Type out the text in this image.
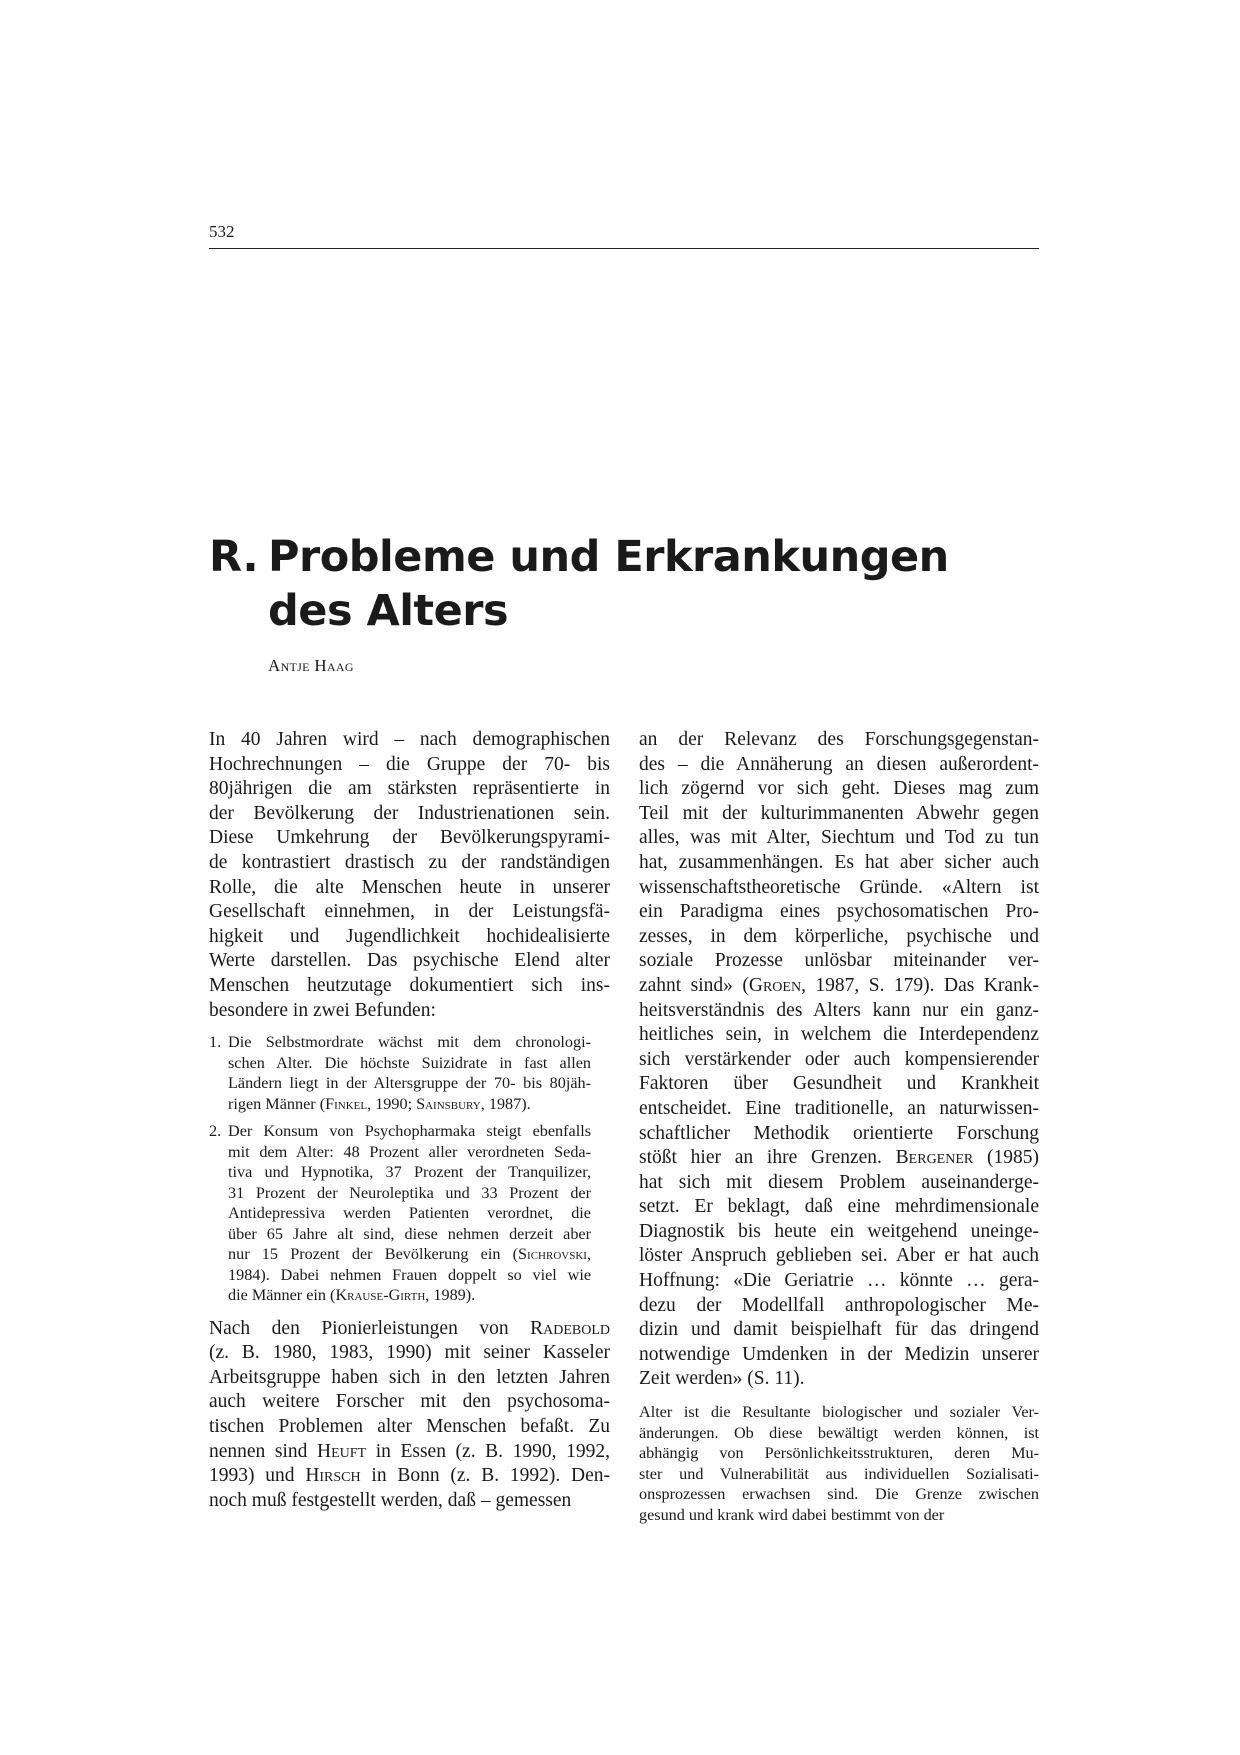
532
R. Probleme und Erkrankungen
des Alters
Antje Haag

In 40 Jahren wird – nach demographischen
Hochrechnungen – die Gruppe der 70- bis
80jährigen die am stärksten repräsentierte in
der Bevölkerung der Industrienationen sein.
Diese Umkehrung der Bevölkerungspyrami-
de kontrastiert drastisch zu der randständigen
Rolle, die alte Menschen heute in unserer
Gesellschaft einnehmen, in der Leistungsfä-
higkeit und Jugendlichkeit hochidealisierte
Werte darstellen. Das psychische Elend alter
Menschen heutzutage dokumentiert sich ins-
besondere in zwei Befunden:

1. Die Selbstmordrate wächst mit dem chronologi-
schen Alter. Die höchste Suizidrate in fast allen
Ländern liegt in der Altersgruppe der 70- bis 80jäh-
rigen Männer (Finkel, 1990; Sainsbury, 1987).
2. Der Konsum von Psychopharmaka steigt ebenfalls
mit dem Alter: 48 Prozent aller verordneten Seda-
tiva und Hypnotika, 37 Prozent der Tranquilizer,
31 Prozent der Neuroleptika und 33 Prozent der
Antidepressiva werden Patienten verordnet, die
über 65 Jahre alt sind, diese nehmen derzeit aber
nur 15 Prozent der Bevölkerung ein (Sichrovski,
1984). Dabei nehmen Frauen doppelt so viel wie
die Männer ein (Krause-Girth, 1989).

Nach den Pionierleistungen von Radebold
(z. B. 1980, 1983, 1990) mit seiner Kasseler
Arbeitsgruppe haben sich in den letzten Jahren
auch weitere Forscher mit den psychosoma-
tischen Problemen alter Menschen befaßt. Zu
nennen sind Heuft in Essen (z. B. 1990, 1992,
1993) und Hirsch in Bonn (z. B. 1992). Den-
noch muß festgestellt werden, daß – gemessen

an der Relevanz des Forschungsgegenstan-
des – die Annäherung an diesen außerordent-
lich zögernd vor sich geht. Dieses mag zum
Teil mit der kulturimmanenten Abwehr gegen
alles, was mit Alter, Siechtum und Tod zu tun
hat, zusammenhängen. Es hat aber sicher auch
wissenschaftstheoretische Gründe. «Altern ist
ein Paradigma eines psychosomatischen Pro-
zesses, in dem körperliche, psychische und
soziale Prozesse unlösbar miteinander ver-
zahnt sind» (Groen, 1987, S. 179). Das Krank-
heitsverständnis des Alters kann nur ein ganz-
heitliches sein, in welchem die Interdependenz
sich verstärkender oder auch kompensierender
Faktoren über Gesundheit und Krankheit
entscheidet. Eine traditionelle, an naturwissen-
schaftlicher Methodik orientierte Forschung
stößt hier an ihre Grenzen. Bergener (1985)
hat sich mit diesem Problem auseinanderge-
setzt. Er beklagt, daß eine mehrdimensionale
Diagnostik bis heute ein weitgehend uneinge-
löster Anspruch geblieben sei. Aber er hat auch
Hoffnung: «Die Geriatrie … könnte … gera-
dezu der Modellfall anthropologischer Me-
dizin und damit beispielhaft für das dringend
notwendige Umdenken in der Medizin unserer
Zeit werden» (S. 11).

Alter ist die Resultante biologischer und sozialer Ver-
änderungen. Ob diese bewältigt werden können, ist
abhängig von Persönlichkeitsstrukturen, deren Mu-
ster und Vulnerabilität aus individuellen Sozialisati-
onsprozessen erwachsen sind. Die Grenze zwischen
gesund und krank wird dabei bestimmt von der
